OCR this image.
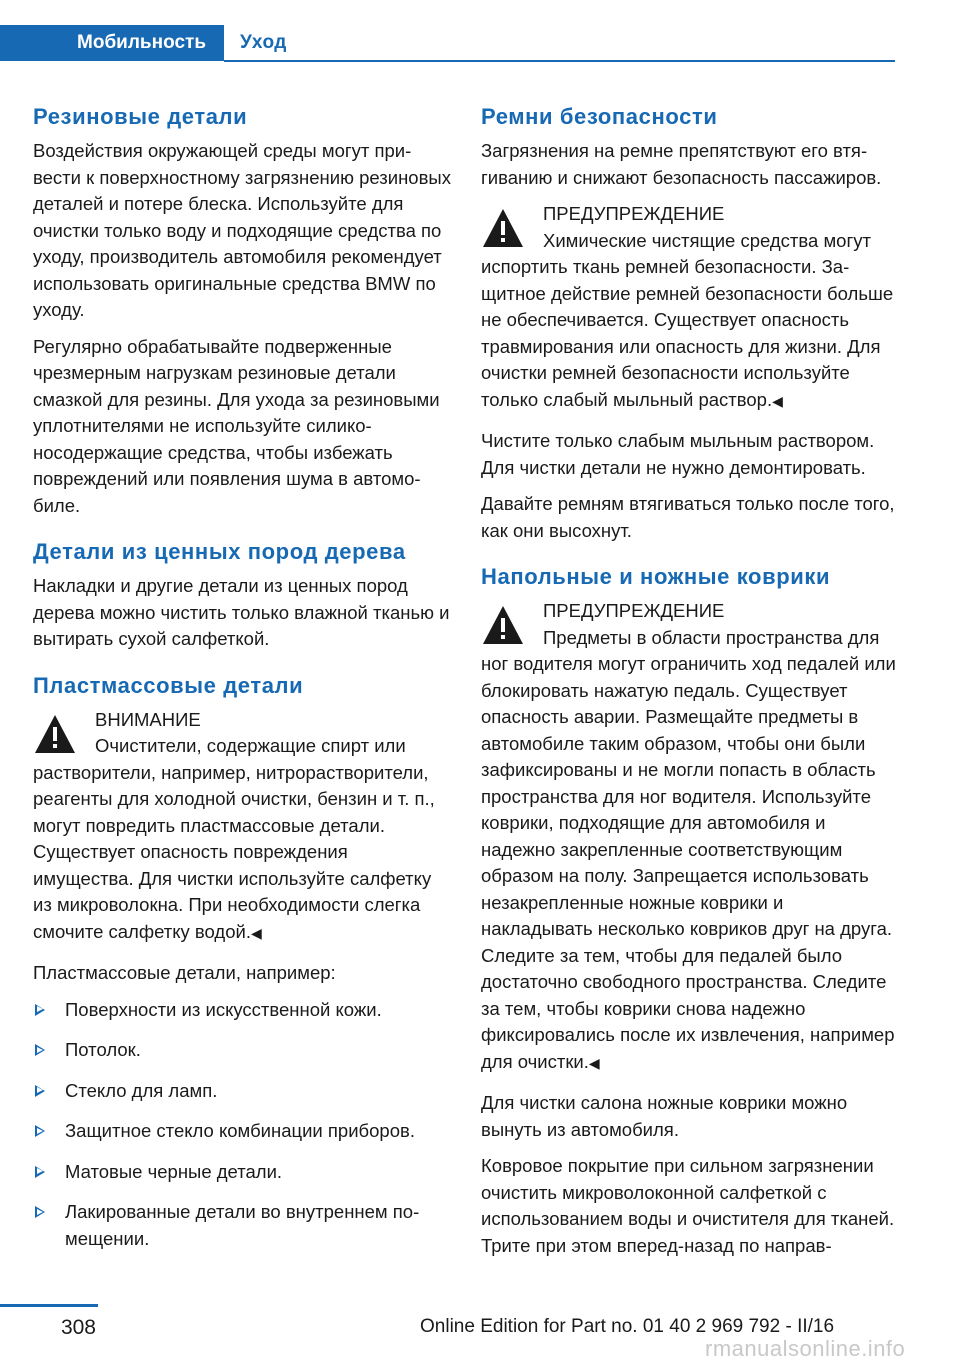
Мобильность	Уход
Резиновые детали

Воздействия окружающей среды могут привести к поверхностному загрязнению резиновых деталей и потере блеска. Используйте для очистки только воду и подходящие средства по уходу, производитель автомобиля рекомендует использовать оригинальные средства BMW по уходу.

Регулярно обрабатывайте подверженные чрезмерным нагрузкам резиновые детали смазкой для резины. Для ухода за резиновыми уплотнителями не используйте силиконосодержащие средства, чтобы избежать повреждений или появления шума в автомобиле.

Детали из ценных пород дерева

Накладки и другие детали из ценных пород дерева можно чистить только влажной тканью и вытирать сухой салфеткой.

Пластмассовые детали
ВНИМАНИЕ

Очистители, содержащие спирт или растворители, например, нитрорастворители, реагенты для холодной очистки, бензин и т. п., могут повредить пластмассовые детали. Существует опасность повреждения имущества. Для чистки используйте салфетку из микроволокна. При необходимости слегка смочите салфетку водой.◀

Пластмассовые детали, например:

Поверхности из искусственной кожи.
Потолок.
Стекло для ламп.
Защитное стекло комбинации приборов.
Матовые черные детали.
Лакированные детали во внутреннем помещении.
Ремни безопасности

Загрязнения на ремне препятствуют его втягиванию и снижают безопасность пассажиров.

ПРЕДУПРЕЖДЕНИЕ

Химические чистящие средства могут испортить ткань ремней безопасности. Защитное действие ремней безопасности больше не обеспечивается. Существует опасность травмирования или опасность для жизни. Для очистки ремней безопасности используйте только слабый мыльный раствор.◀

Чистите только слабым мыльным раствором. Для чистки детали не нужно демонтировать.

Давайте ремням втягиваться только после того, как они высохнут.

Напольные и ножные коврики
ПРЕДУПРЕЖДЕНИЕ

Предметы в области пространства для ног водителя могут ограничить ход педалей или блокировать нажатую педаль. Существует опасность аварии. Размещайте предметы в автомобиле таким образом, чтобы они были зафиксированы и не могли попасть в область пространства для ног водителя. Используйте коврики, подходящие для автомобиля и надежно закрепленные соответствующим образом на полу. Запрещается использовать незакрепленные ножные коврики и накладывать несколько ковриков друг на друга. Следите за тем, чтобы для педалей было достаточно свободного пространства. Следите за тем, чтобы коврики снова надежно фиксировались после их извлечения, например для очистки.◀

Для чистки салона ножные коврики можно вынуть из автомобиля.

Ковровое покрытие при сильном загрязнении очистить микроволоконной салфеткой с использованием воды и очистителя для тканей. Трите при этом вперед-назад по направ-

308	Online Edition for Part no. 01 40 2 969 792 - II/16
rmanualsonline.info
